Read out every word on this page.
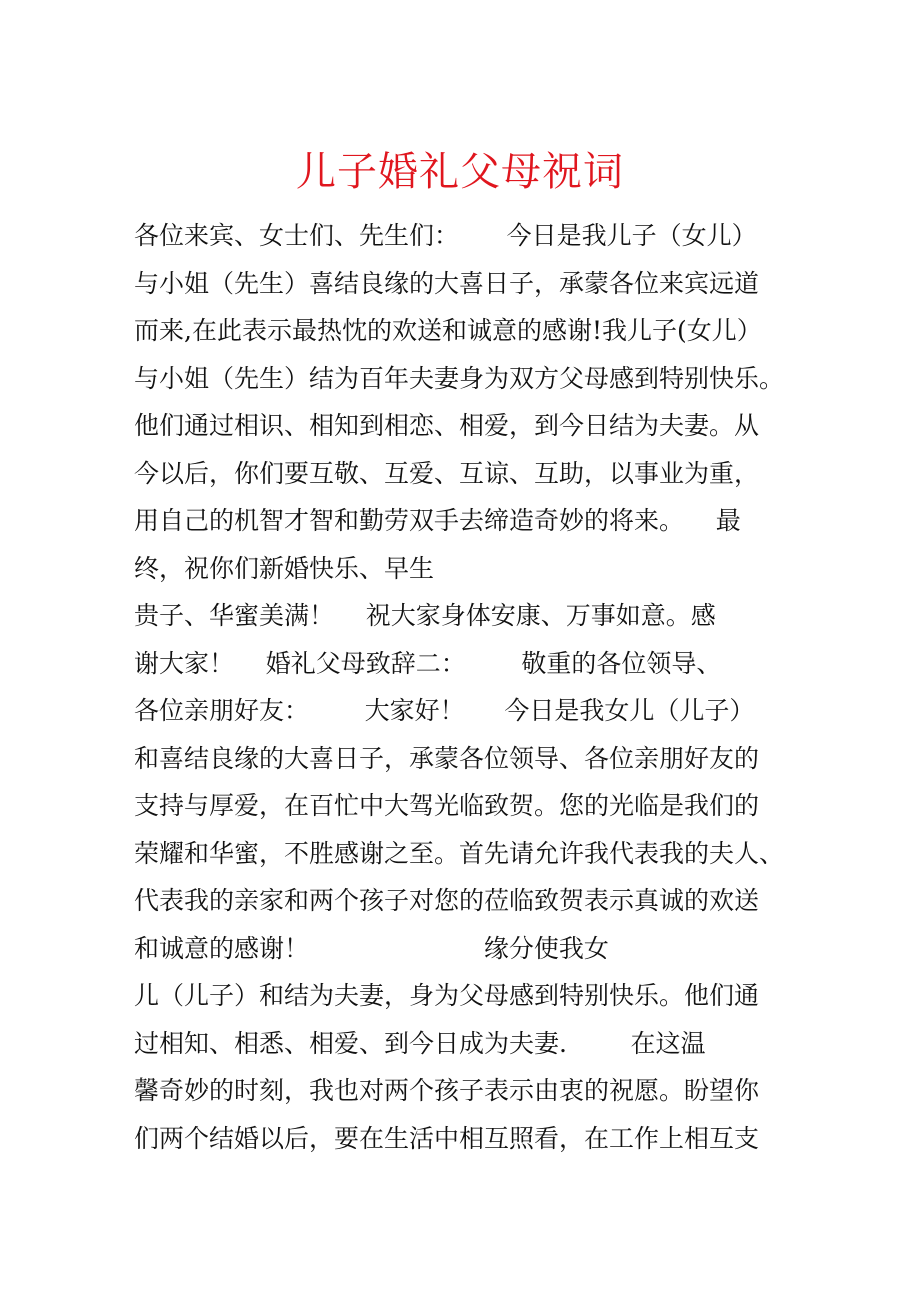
儿子婚礼父母祝词
各位来宾、女士们、先生们：      今日是我儿子（女儿）
与小姐（先生）喜结良缘的大喜日子，承蒙各位来宾远道
而来,在此表示最热忱的欢送和诚意的感谢!我儿子(女儿）
与小姐（先生）结为百年夫妻身为双方父母感到特别快乐。
他们通过相识、相知到相恋、相爱，到今日结为夫妻。从
今以后，你们要互敬、互爱、互谅、互助，以事业为重，
用自己的机智才智和勤劳双手去缔造奇妙的将来。    最
终，祝你们新婚快乐、早生
贵子、华蜜美满！    祝大家身体安康、万事如意。感
谢大家！    婚礼父母致辞二：       敬重的各位领导、
各位亲朋好友：       大家好！     今日是我女儿（儿子）
和喜结良缘的大喜日子，承蒙各位领导、各位亲朋好友的
支持与厚爱，在百忙中大驾光临致贺。您的光临是我们的
荣耀和华蜜，不胜感谢之至。首先请允许我代表我的夫人、
代表我的亲家和两个孩子对您的莅临致贺表示真诚的欢送
和诚意的感谢！                      缘分使我女
儿（儿子）和结为夫妻，身为父母感到特别快乐。他们通
过相知、相悉、相爱、到今日成为夫妻.        在这温
馨奇妙的时刻，我也对两个孩子表示由衷的祝愿。盼望你
们两个结婚以后，要在生活中相互照看，在工作上相互支
